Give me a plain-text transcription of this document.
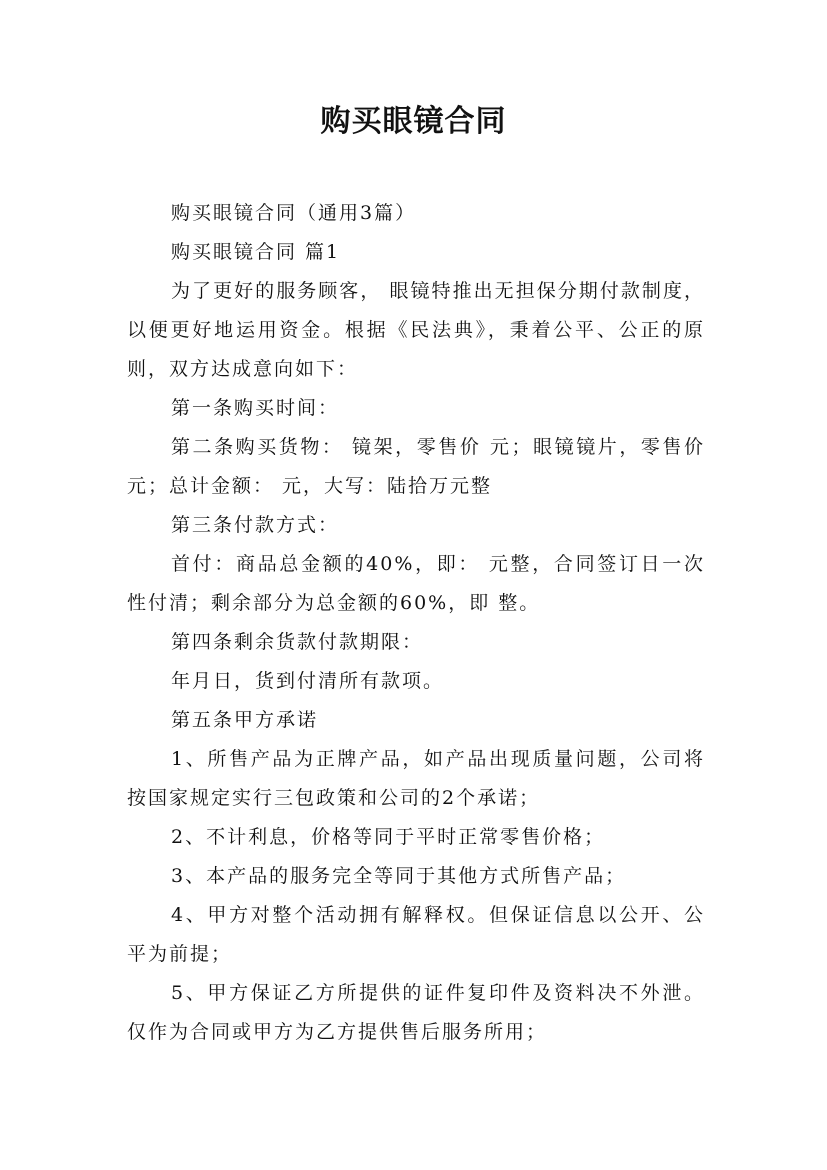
购买眼镜合同

购买眼镜合同（通用3篇）

购买眼镜合同 篇1

为了更好的服务顾客， 眼镜特推出无担保分期付款制度，以便更好地运用资金。根据《民法典》，秉着公平、公正的原则，双方达成意向如下：

第一条购买时间：

第二条购买货物： 镜架，零售价 元；眼镜镜片，零售价 元；总计金额： 元，大写：陆拾万元整

第三条付款方式：

首付：商品总金额的40%，即： 元整，合同签订日一次性付清；剩余部分为总金额的60%，即 整。

第四条剩余货款付款期限：

年月日，货到付清所有款项。

第五条甲方承诺

1、所售产品为正牌产品，如产品出现质量问题，公司将按国家规定实行三包政策和公司的2个承诺；

2、不计利息，价格等同于平时正常零售价格；

3、本产品的服务完全等同于其他方式所售产品；

4、甲方对整个活动拥有解释权。但保证信息以公开、公平为前提；

5、甲方保证乙方所提供的证件复印件及资料决不外泄。仅作为合同或甲方为乙方提供售后服务所用；
